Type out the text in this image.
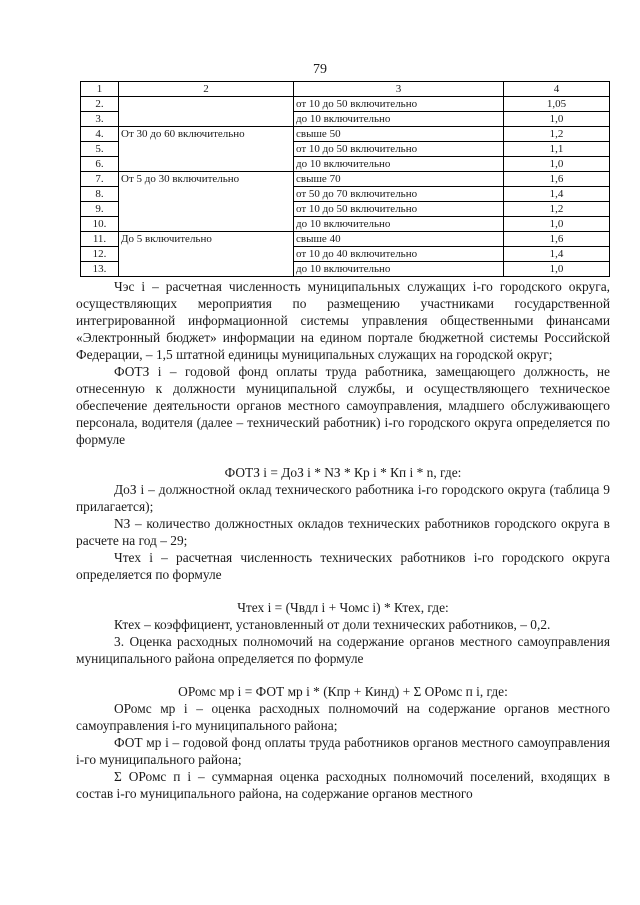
79
1	2	3	4
2.		от 10 до 50 включительно	1,05
3.		до 10 включительно	1,0
4.	От 30 до 60 включительно	свыше 50	1,2
5.		от 10 до 50 включительно	1,1
6.		до 10 включительно	1,0
7.	От 5 до 30 включительно	свыше 70	1,6
8.		от 50 до 70 включительно	1,4
9.		от 10 до 50 включительно	1,2
10.		до 10 включительно	1,0
11.	До 5 включительно	свыше 40	1,6
12.		от 10 до 40 включительно	1,4
13.		до 10 включительно	1,0

Чэс i – расчетная численность муниципальных служащих i-го городского округа, осуществляющих мероприятия по размещению участниками государственной интегрированной информационной системы управления общественными финансами «Электронный бюджет» информации на едином портале бюджетной системы Российской Федерации, – 1,5 штатной единицы муниципальных служащих на городской округ;

ФОТЗ i – годовой фонд оплаты труда работника, замещающего должность, не отнесенную к должности муниципальной службы, и осуществляющего техническое обеспечение деятельности органов местного самоуправления, младшего обслуживающего персонала, водителя (далее – технический работник) i-го городского округа определяется по формуле

ФОТЗ i = ДоЗ i * NЗ * Кр i * Кп i * n, где:

ДоЗ i – должностной оклад технического работника i-го городского округа (таблица 9 прилагается);

NЗ – количество должностных окладов технических работников городского округа в расчете на год – 29;

Чтех i – расчетная численность технических работников i-го городского округа определяется по формуле

Чтех i = (Чвдл i + Чомс i) * Ктех, где:

Ктех – коэффициент, установленный от доли технических работников, – 0,2.

3. Оценка расходных полномочий на содержание органов местного самоуправления муниципального района определяется по формуле

ОРомс мр i = ФОТ мр i * (Кпр + Кинд) + Σ ОРомс п i, где:

ОРомс мр i – оценка расходных полномочий на содержание органов местного самоуправления i-го муниципального района;

ФОТ мр i – годовой фонд оплаты труда работников органов местного самоуправления i-го муниципального района;

Σ ОРомс п i – суммарная оценка расходных полномочий поселений, входящих в состав i-го муниципального района, на содержание органов местного
